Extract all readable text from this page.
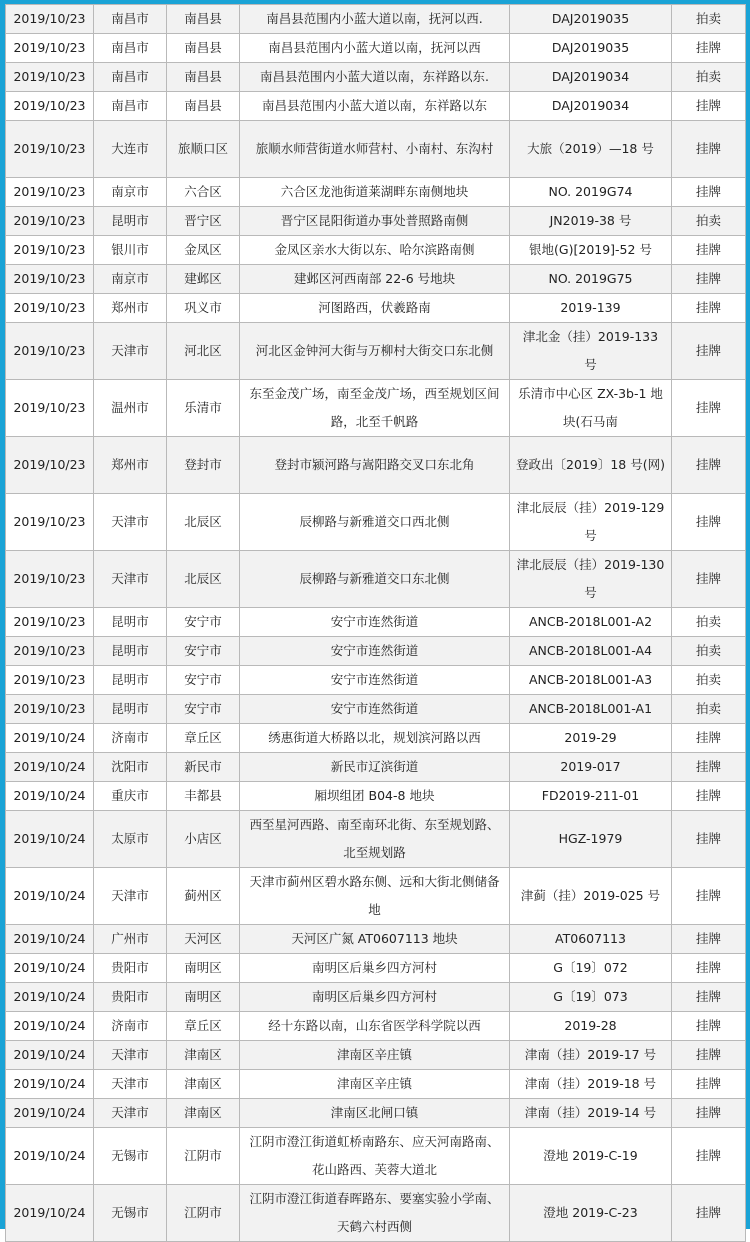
2019/10/23	南昌市	南昌县	南昌县范围内小蓝大道以南，抚河以西.	DAJ2019035	拍卖
2019/10/23	南昌市	南昌县	南昌县范围内小蓝大道以南，抚河以西	DAJ2019035	挂牌
2019/10/23	南昌市	南昌县	南昌县范围内小蓝大道以南，东祥路以东.	DAJ2019034	拍卖
2019/10/23	南昌市	南昌县	南昌县范围内小蓝大道以南，东祥路以东	DAJ2019034	挂牌
2019/10/23	大连市	旅顺口区	旅顺水师营街道水师营村、小南村、东沟村	大旅（2019）—18 号	挂牌
2019/10/23	南京市	六合区	六合区龙池街道莱湖畔东南侧地块	NO. 2019G74	挂牌
2019/10/23	昆明市	晋宁区	晋宁区昆阳街道办事处普照路南侧	JN2019-38 号	拍卖
2019/10/23	银川市	金凤区	金凤区亲水大街以东、哈尔滨路南侧	银地(G)[2019]-52 号	挂牌
2019/10/23	南京市	建邺区	建邺区河西南部 22-6 号地块	NO. 2019G75	挂牌
2019/10/23	郑州市	巩义市	河图路西，伏羲路南	2019-139	挂牌
2019/10/23	天津市	河北区	河北区金钟河大街与万柳村大街交口东北侧	津北金（挂）2019-133 号	挂牌
2019/10/23	温州市	乐清市	东至金茂广场，南至金茂广场，西至规划区间路，北至千帆路	乐清市中心区 ZX-3b-1 地块(石马南	挂牌
2019/10/23	郑州市	登封市	登封市颍河路与嵩阳路交叉口东北角	登政出〔2019〕18 号(网)	挂牌
2019/10/23	天津市	北辰区	辰柳路与新雅道交口西北侧	津北辰辰（挂）2019-129 号	挂牌
2019/10/23	天津市	北辰区	辰柳路与新雅道交口东北侧	津北辰辰（挂）2019-130 号	挂牌
2019/10/23	昆明市	安宁市	安宁市连然街道	ANCB-2018L001-A2	拍卖
2019/10/23	昆明市	安宁市	安宁市连然街道	ANCB-2018L001-A4	拍卖
2019/10/23	昆明市	安宁市	安宁市连然街道	ANCB-2018L001-A3	拍卖
2019/10/23	昆明市	安宁市	安宁市连然街道	ANCB-2018L001-A1	拍卖
2019/10/24	济南市	章丘区	绣惠街道大桥路以北，规划滨河路以西	2019-29	挂牌
2019/10/24	沈阳市	新民市	新民市辽滨街道	2019-017	挂牌
2019/10/24	重庆市	丰都县	厢坝组团 B04-8 地块	FD2019-211-01	挂牌
2019/10/24	太原市	小店区	西至星河西路、南至南环北街、东至规划路、北至规划路	HGZ-1979	挂牌
2019/10/24	天津市	蓟州区	天津市蓟州区碧水路东侧、远和大街北侧储备地	津蓟（挂）2019-025 号	挂牌
2019/10/24	广州市	天河区	天河区广氮 AT0607113 地块	AT0607113	挂牌
2019/10/24	贵阳市	南明区	南明区后巢乡四方河村	G〔19〕072	挂牌
2019/10/24	贵阳市	南明区	南明区后巢乡四方河村	G〔19〕073	挂牌
2019/10/24	济南市	章丘区	经十东路以南，山东省医学科学院以西	2019-28	挂牌
2019/10/24	天津市	津南区	津南区辛庄镇	津南（挂）2019-17 号	挂牌
2019/10/24	天津市	津南区	津南区辛庄镇	津南（挂）2019-18 号	挂牌
2019/10/24	天津市	津南区	津南区北闸口镇	津南（挂）2019-14 号	挂牌
2019/10/24	无锡市	江阴市	江阴市澄江街道虹桥南路东、应天河南路南、花山路西、芙蓉大道北	澄地 2019-C-19	挂牌
2019/10/24	无锡市	江阴市	江阴市澄江街道春晖路东、要塞实验小学南、天鹤六村西侧	澄地 2019-C-23	挂牌
